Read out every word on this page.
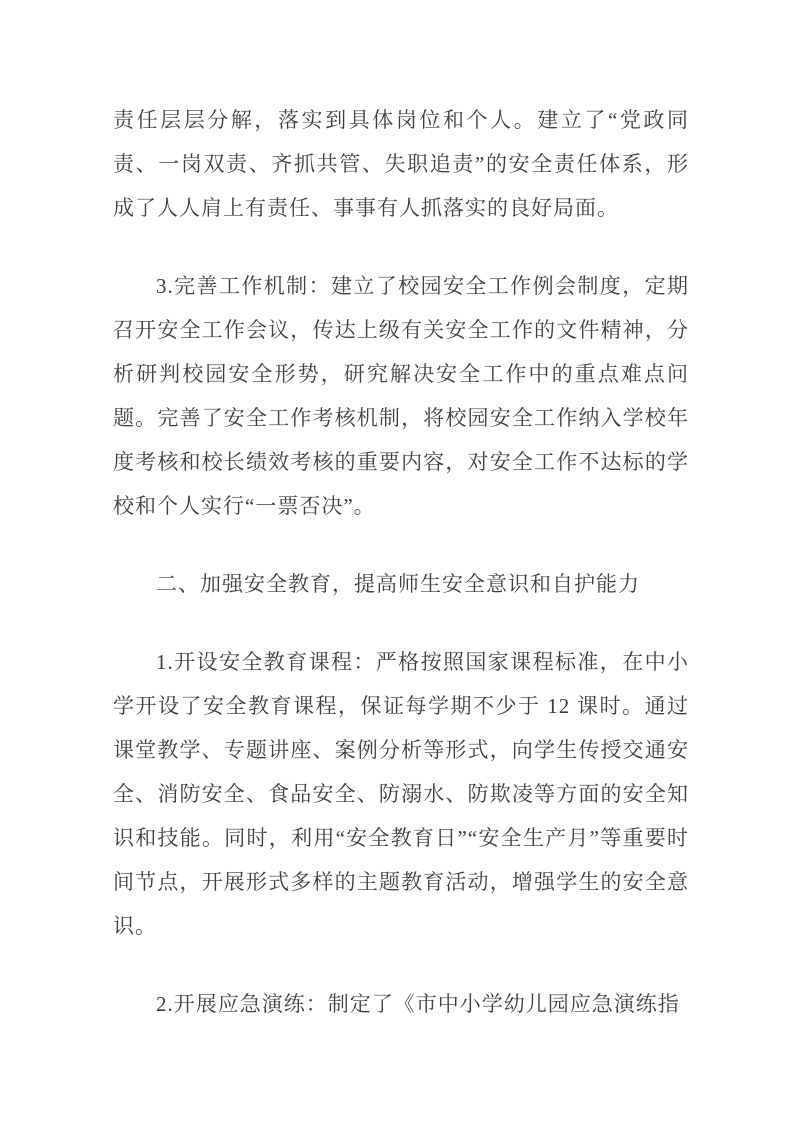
责任层层分解，落实到具体岗位和个人。建立了“党政同责、一岗双责、齐抓共管、失职追责”的安全责任体系，形成了人人肩上有责任、事事有人抓落实的良好局面。

3.完善工作机制：建立了校园安全工作例会制度，定期召开安全工作会议，传达上级有关安全工作的文件精神，分析研判校园安全形势，研究解决安全工作中的重点难点问题。完善了安全工作考核机制，将校园安全工作纳入学校年度考核和校长绩效考核的重要内容，对安全工作不达标的学校和个人实行“一票否决”。

二、加强安全教育，提高师生安全意识和自护能力

1.开设安全教育课程：严格按照国家课程标准，在中小学开设了安全教育课程，保证每学期不少于 12 课时。通过课堂教学、专题讲座、案例分析等形式，向学生传授交通安全、消防安全、食品安全、防溺水、防欺凌等方面的安全知识和技能。同时，利用“安全教育日”“安全生产月”等重要时间节点，开展形式多样的主题教育活动，增强学生的安全意识。

2.开展应急演练：制定了《市中小学幼儿园应急演练指
